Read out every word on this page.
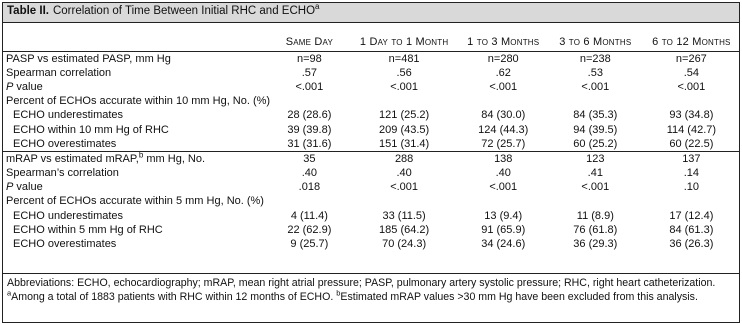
Table II. Correlation of Time Between Initial RHC and ECHO$^a$
	Same Day	1 Day to 1 Month	1 to 3 Months	3 to 6 Months	6 to 12 Months
PASP vs estimated PASP, mm Hg	n=98	n=481	n=280	n=238	n=267
Spearman correlation	.57	.56	.62	.53	.54
P value	<.001	<.001	<.001	<.001	<.001
Percent of ECHOs accurate within 10 mm Hg, No. (%)					
ECHO underestimates	28 (28.6)	121 (25.2)	84 (30.0)	84 (35.3)	93 (34.8)
ECHO within 10 mm Hg of RHC	39 (39.8)	209 (43.5)	124 (44.3)	94 (39.5)	114 (42.7)
ECHO overestimates	31 (31.6)	151 (31.4)	72 (25.7)	60 (25.2)	60 (22.5)
mRAP vs estimated mRAP,$^b$ mm Hg, No.	35	288	138	123	137
Spearman’s correlation	.40	.40	.40	.41	.14
P value	.018	<.001	<.001	<.001	.10
Percent of ECHOs accurate within 5 mm Hg, No. (%)					
ECHO underestimates	4 (11.4)	33 (11.5)	13 (9.4)	11 (8.9)	17 (12.4)
ECHO within 5 mm Hg of RHC	22 (62.9)	185 (64.2)	91 (65.9)	76 (61.8)	84 (61.3)
ECHO overestimates	9 (25.7)	70 (24.3)	34 (24.6)	36 (29.3)	36 (26.3)
Abbreviations: ECHO, echocardiography; mRAP, mean right atrial pressure; PASP, pulmonary artery systolic pressure; RHC, right heart catheterization. $^a$Among a total of 1883 patients with RHC within 12 months of ECHO. $^b$Estimated mRAP values >30 mm Hg have been excluded from this analysis.
